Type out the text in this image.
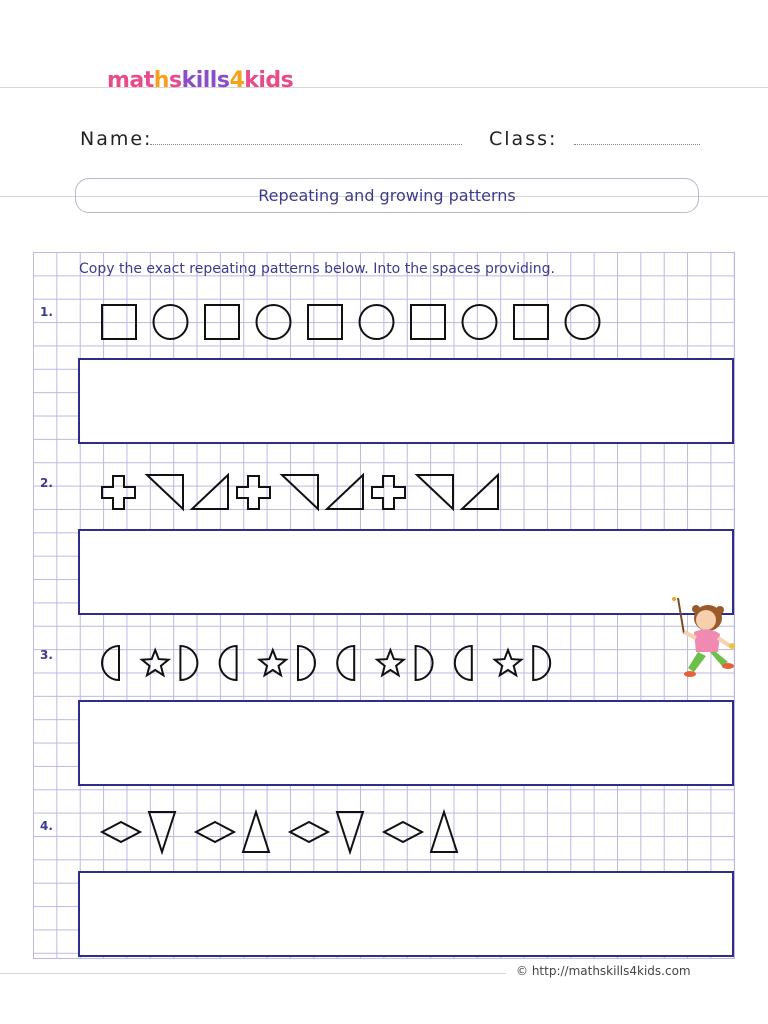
mathskills4kids
Name:	Class:
Repeating and growing patterns
Copy the exact repeating patterns below. Into the spaces providing.
1.
2.
3.
4.
© http://mathskills4kids.com
